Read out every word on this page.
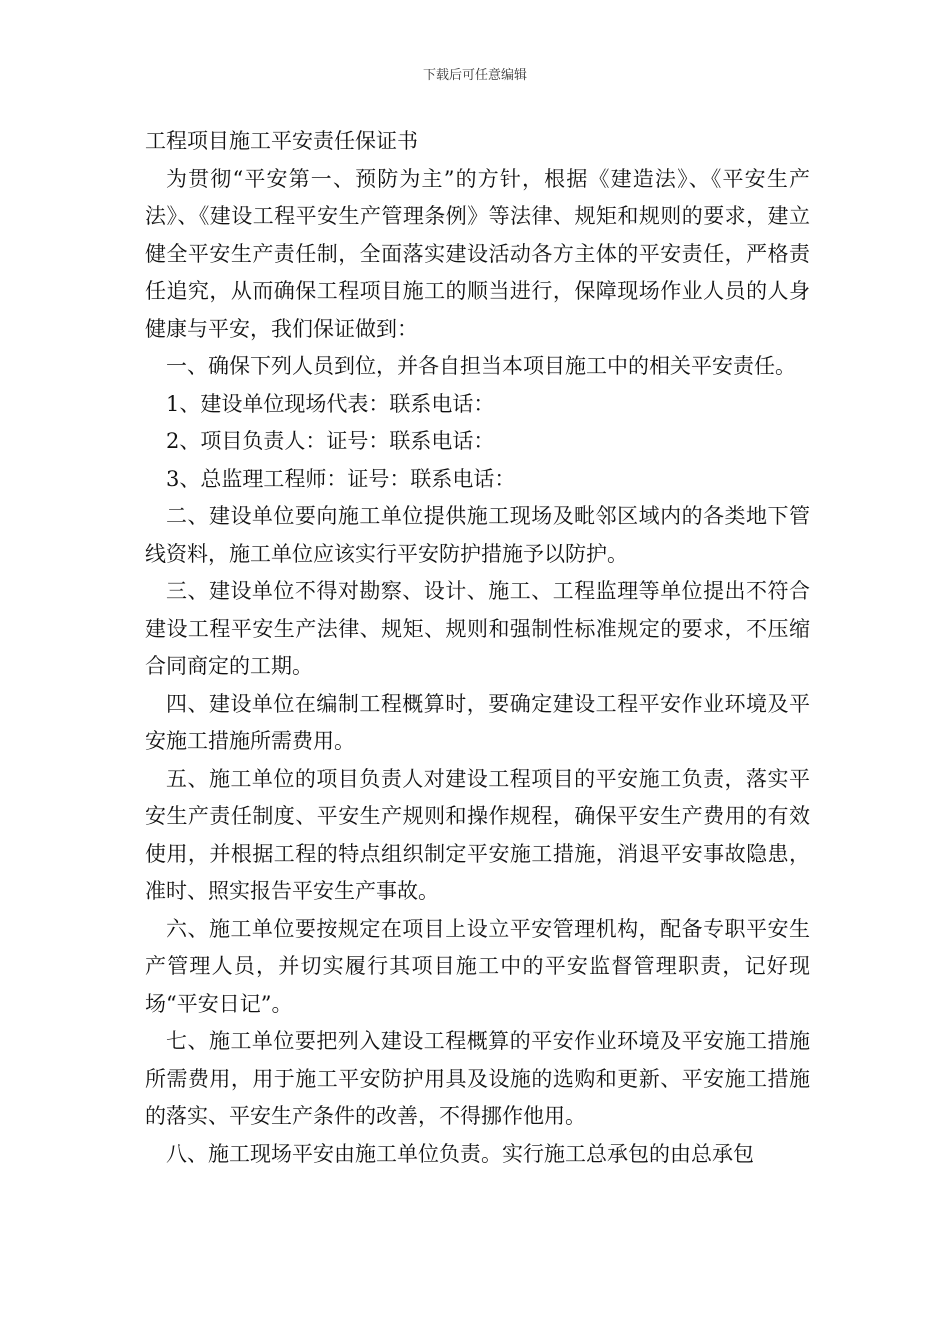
下载后可任意编辑
工程项目施工平安责任保证书

为贯彻“平安第一、预防为主”的方针，根据《建造法》、《平安生产法》、《建设工程平安生产管理条例》等法律、规矩和规则的要求，建立健全平安生产责任制，全面落实建设活动各方主体的平安责任，严格责任追究，从而确保工程项目施工的顺当进行，保障现场作业人员的人身健康与平安，我们保证做到：

一、确保下列人员到位，并各自担当本项目施工中的相关平安责任。

1、建设单位现场代表：联系电话：

2、项目负责人：证号：联系电话：

3、总监理工程师：证号：联系电话：

二、建设单位要向施工单位提供施工现场及毗邻区域内的各类地下管线资料，施工单位应该实行平安防护措施予以防护。

三、建设单位不得对勘察、设计、施工、工程监理等单位提出不符合建设工程平安生产法律、规矩、规则和强制性标准规定的要求，不压缩合同商定的工期。

四、建设单位在编制工程概算时，要确定建设工程平安作业环境及平安施工措施所需费用。

五、施工单位的项目负责人对建设工程项目的平安施工负责，落实平安生产责任制度、平安生产规则和操作规程，确保平安生产费用的有效使用，并根据工程的特点组织制定平安施工措施，消退平安事故隐患，准时、照实报告平安生产事故。

六、施工单位要按规定在项目上设立平安管理机构，配备专职平安生产管理人员，并切实履行其项目施工中的平安监督管理职责，记好现场“平安日记”。

七、施工单位要把列入建设工程概算的平安作业环境及平安施工措施所需费用，用于施工平安防护用具及设施的选购和更新、平安施工措施的落实、平安生产条件的改善，不得挪作他用。

八、施工现场平安由施工单位负责。实行施工总承包的由总承包
